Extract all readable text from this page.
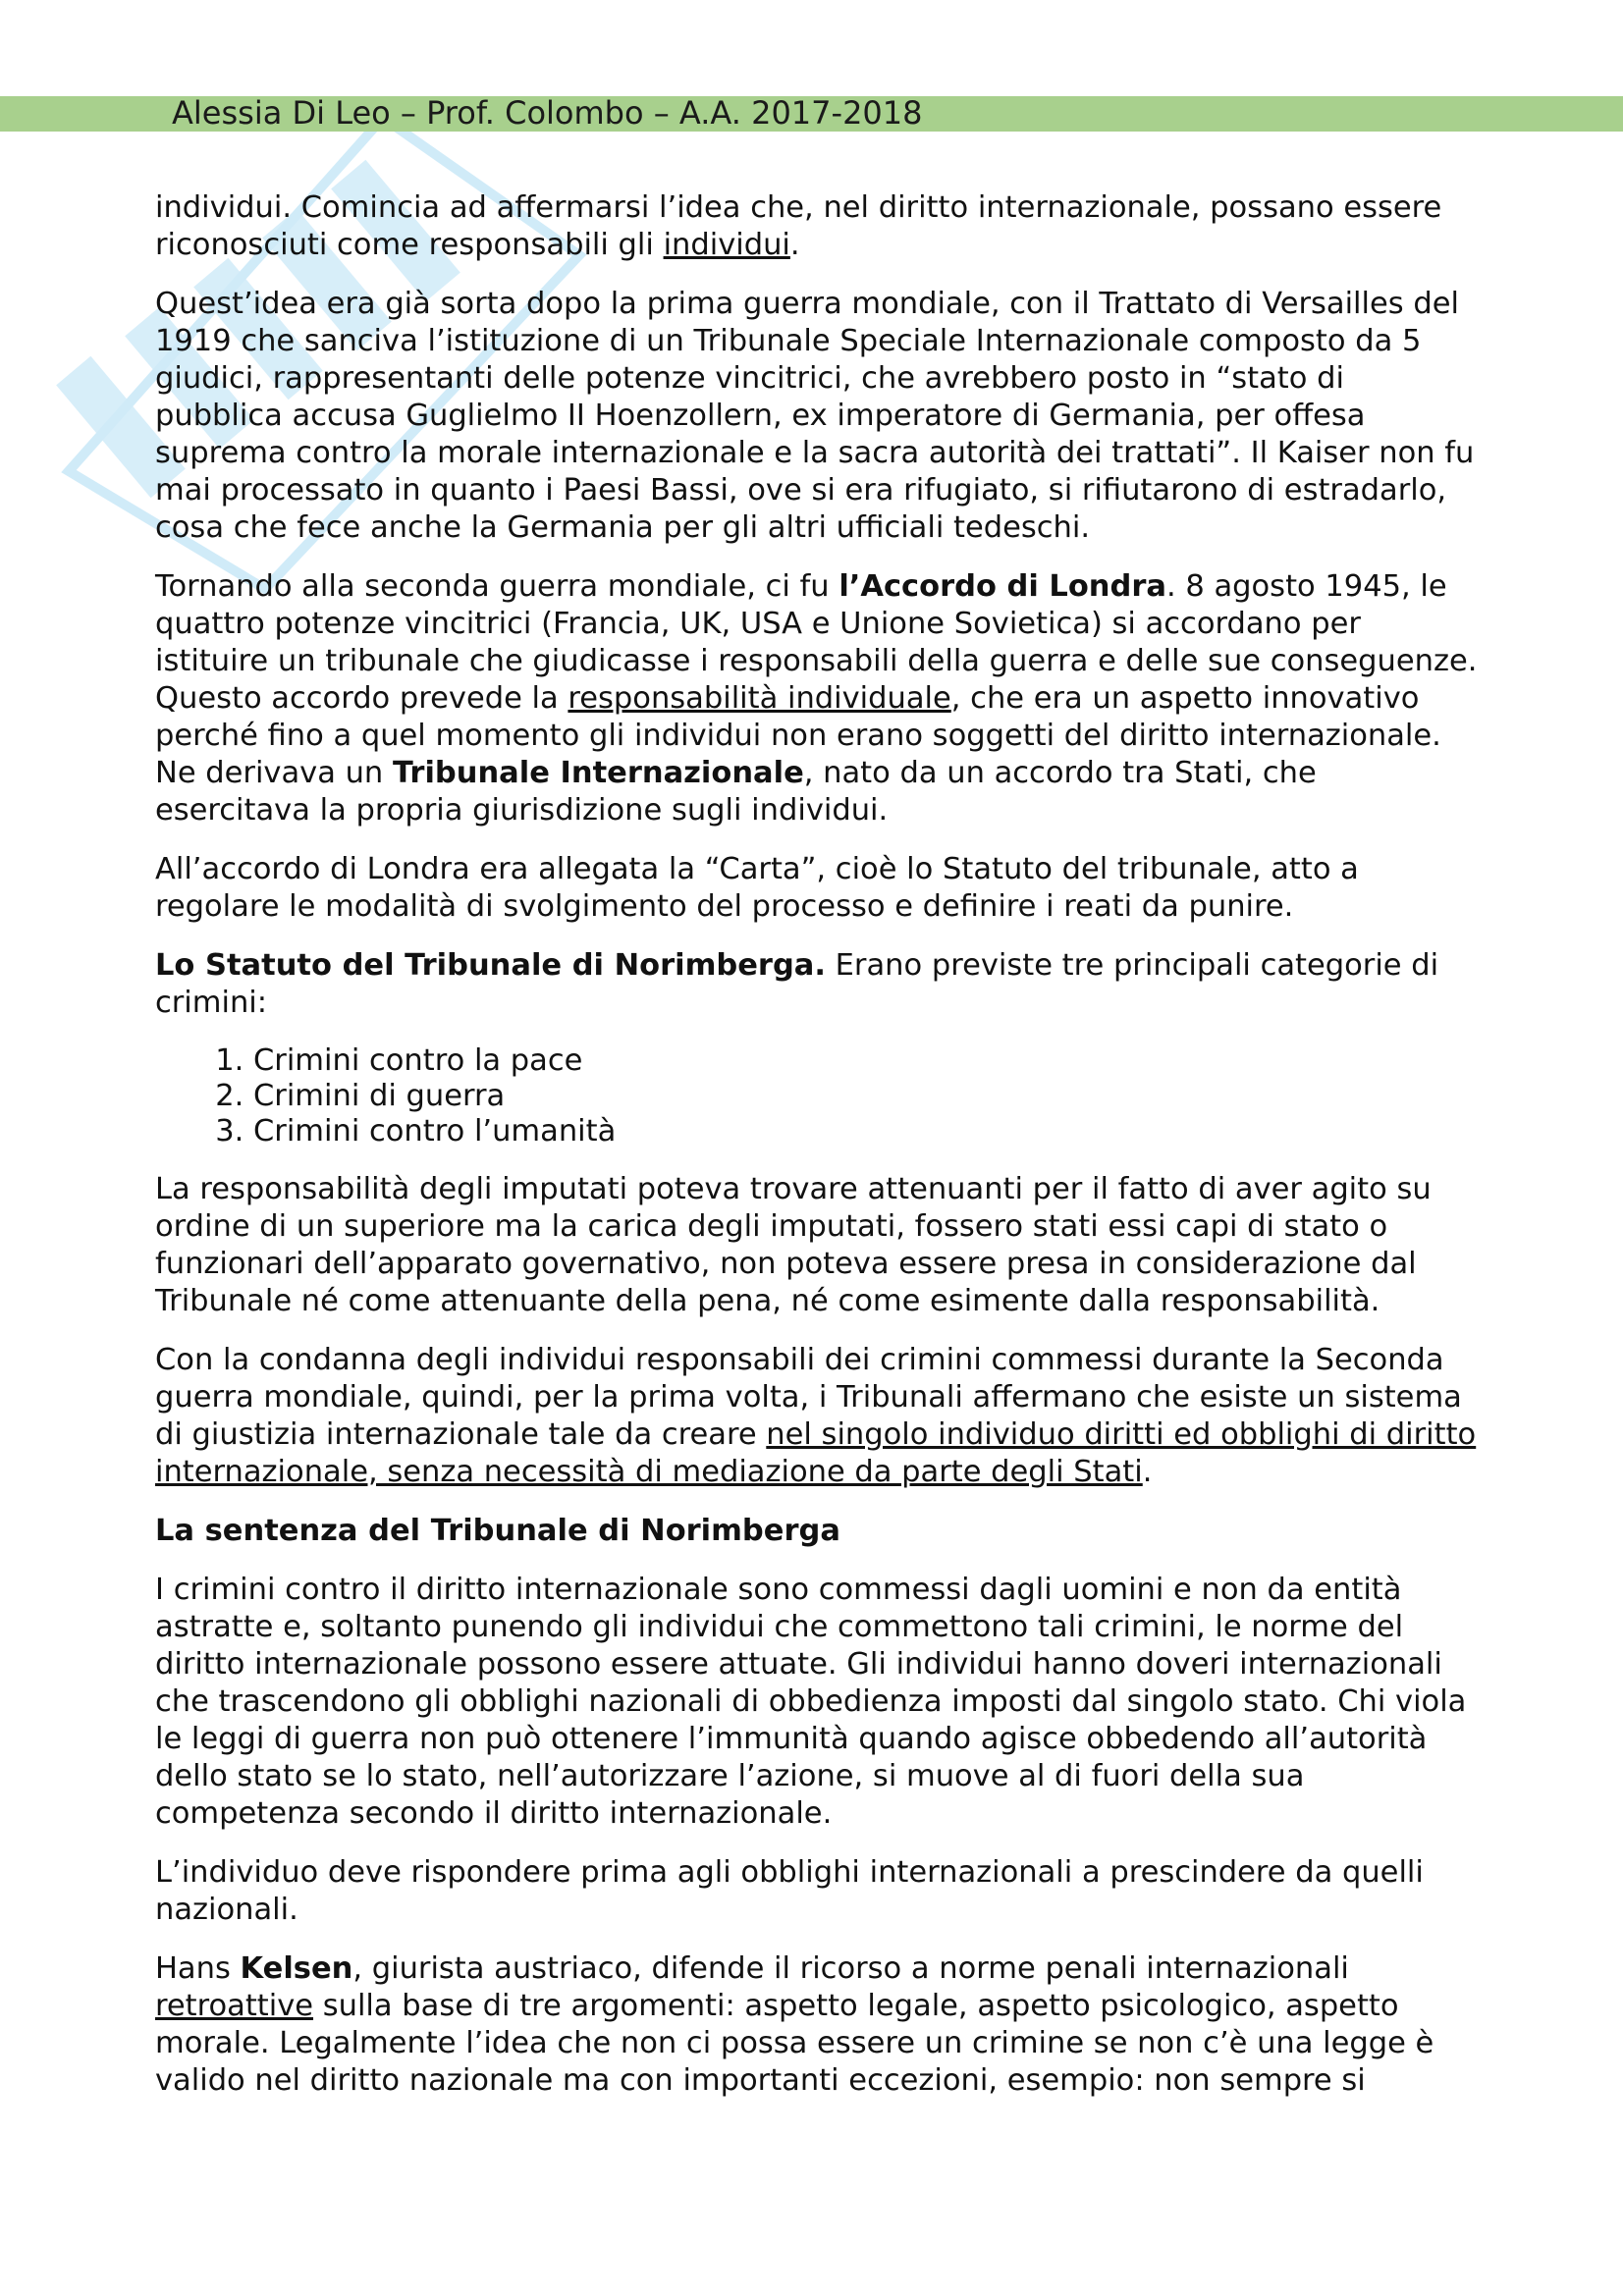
Alessia Di Leo – Prof. Colombo – A.A. 2017-2018

individui. Comincia ad affermarsi l’idea che, nel diritto internazionale, possano essere riconosciuti come responsabili gli individui.

Quest’idea era già sorta dopo la prima guerra mondiale, con il Trattato di Versailles del 1919 che sanciva l’istituzione di un Tribunale Speciale Internazionale composto da 5 giudici, rappresentanti delle potenze vincitrici, che avrebbero posto in “stato di pubblica accusa Guglielmo II Hoenzollern, ex imperatore di Germania, per offesa suprema contro la morale internazionale e la sacra autorità dei trattati”. Il Kaiser non fu mai processato in quanto i Paesi Bassi, ove si era rifugiato, si rifiutarono di estradarlo, cosa che fece anche la Germania per gli altri ufficiali tedeschi.

Tornando alla seconda guerra mondiale, ci fu l’Accordo di Londra. 8 agosto 1945, le quattro potenze vincitrici (Francia, UK, USA e Unione Sovietica) si accordano per istituire un tribunale che giudicasse i responsabili della guerra e delle sue conseguenze. Questo accordo prevede la responsabilità individuale, che era un aspetto innovativo perché fino a quel momento gli individui non erano soggetti del diritto internazionale. Ne derivava un Tribunale Internazionale, nato da un accordo tra Stati, che esercitava la propria giurisdizione sugli individui.

All’accordo di Londra era allegata la “Carta”, cioè lo Statuto del tribunale, atto a regolare le modalità di svolgimento del processo e definire i reati da punire.

Lo Statuto del Tribunale di Norimberga. Erano previste tre principali categorie di crimini:

1. Crimini contro la pace
2. Crimini di guerra
3. Crimini contro l’umanità

La responsabilità degli imputati poteva trovare attenuanti per il fatto di aver agito su ordine di un superiore ma la carica degli imputati, fossero stati essi capi di stato o funzionari dell’apparato governativo, non poteva essere presa in considerazione dal Tribunale né come attenuante della pena, né come esimente dalla responsabilità.

Con la condanna degli individui responsabili dei crimini commessi durante la Seconda guerra mondiale, quindi, per la prima volta, i Tribunali affermano che esiste un sistema di giustizia internazionale tale da creare nel singolo individuo diritti ed obblighi di diritto internazionale, senza necessità di mediazione da parte degli Stati.

La sentenza del Tribunale di Norimberga

I crimini contro il diritto internazionale sono commessi dagli uomini e non da entità astratte e, soltanto punendo gli individui che commettono tali crimini, le norme del diritto internazionale possono essere attuate. Gli individui hanno doveri internazionali che trascendono gli obblighi nazionali di obbedienza imposti dal singolo stato. Chi viola le leggi di guerra non può ottenere l’immunità quando agisce obbedendo all’autorità dello stato se lo stato, nell’autorizzare l’azione, si muove al di fuori della sua competenza secondo il diritto internazionale.

L’individuo deve rispondere prima agli obblighi internazionali a prescindere da quelli nazionali.

Hans Kelsen, giurista austriaco, difende il ricorso a norme penali internazionali retroattive sulla base di tre argomenti: aspetto legale, aspetto psicologico, aspetto morale. Legalmente l’idea che non ci possa essere un crimine se non c’è una legge è valido nel diritto nazionale ma con importanti eccezioni, esempio: non sempre si
